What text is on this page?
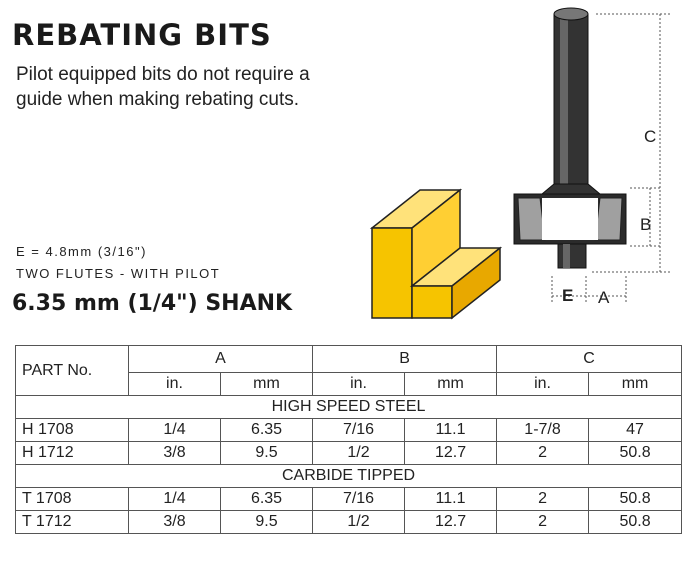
REBATING BITS
Pilot equipped bits do not require a guide when making rebating cuts.
E = 4.8mm (3/16")
TWO FLUTES - WITH PILOT
6.35 mm (1/4") SHANK
C
B
E A
PART No.	A		B		C	
	in.	mm	in.	mm	in.	mm
HIGH SPEED STEEL						
H 1708	1/4	6.35	7/16	11.1	1-7/8	47
H 1712	3/8	9.5	1/2	12.7	2	50.8
CARBIDE TIPPED						
T 1708	1/4	6.35	7/16	11.1	2	50.8
T 1712	3/8	9.5	1/2	12.7	2	50.8
